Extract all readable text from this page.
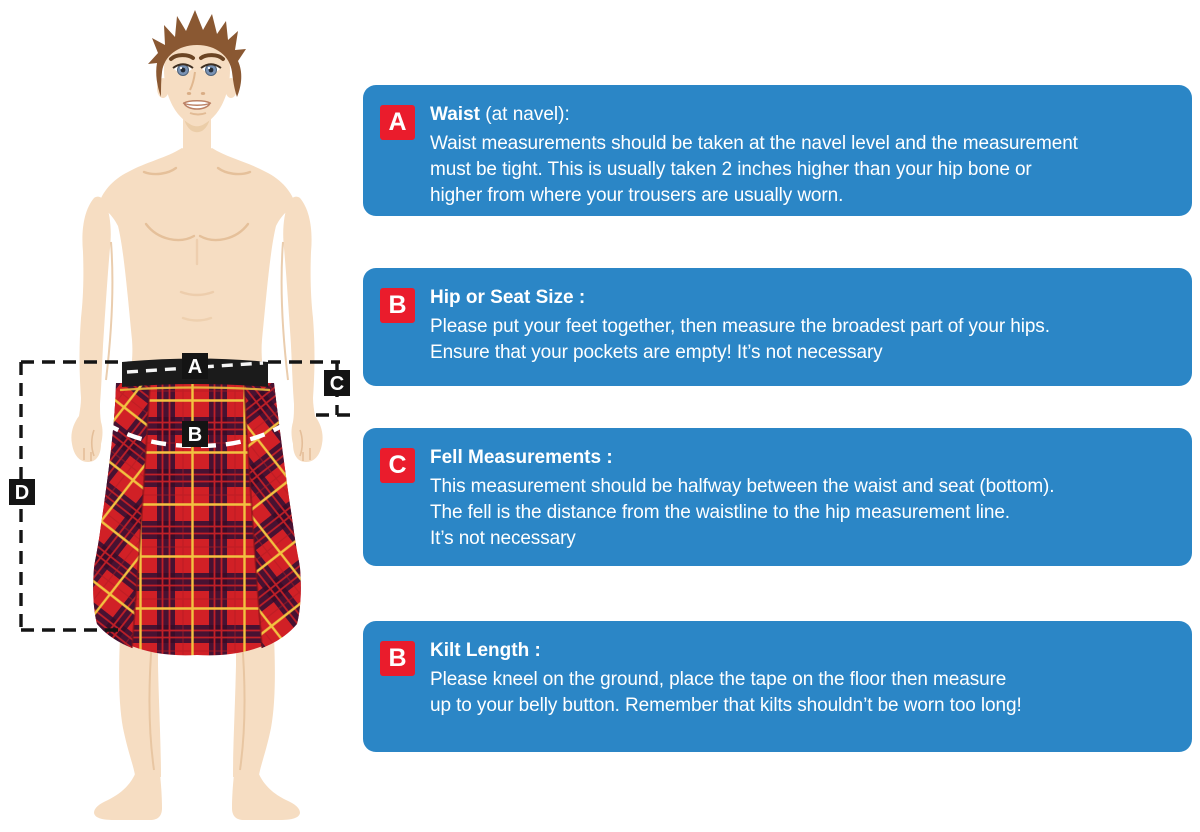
A
B
C
D
A	Waist (at navel):

Waist measurements should be taken at the navel level and the measurement

must be tight. This is usually taken 2 inches higher than your hip bone or

higher from where your trousers are usually worn.

B	Hip or Seat Size :

Please put your feet together, then measure the broadest part of your hips.

Ensure that your pockets are empty! It’s not necessary

C	Fell Measurements :

This measurement should be halfway between the waist and seat (bottom).

The fell is the distance from the waistline to the hip measurement line.

It’s not necessary

B	Kilt Length :

Please kneel on the ground, place the tape on the floor then measure

up to your belly button. Remember that kilts shouldn’t be worn too long!
